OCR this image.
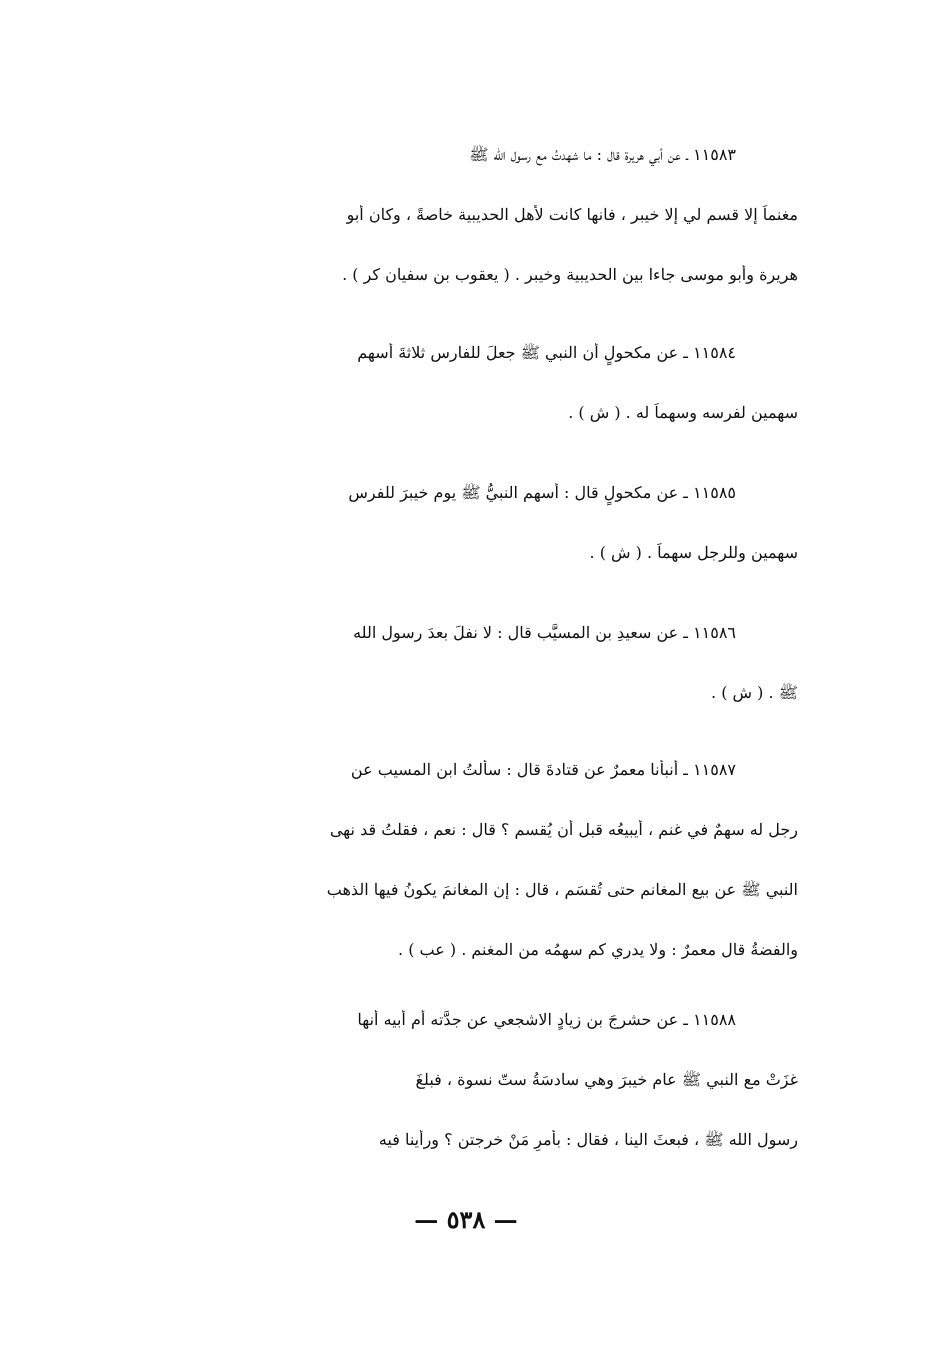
١١٥٨٣ ـ عن أبي هريرة قال : ما شهدتُ مع رسول الله ﷺ
مغنماً إلا قسم لي إلا خيبر ، فانها كانت لأهل الحديبية خاصةً ، وكان أبو
هريرة وأبو موسى جاءا بين الحديبية وخيبر . ( يعقوب بن سفيان كر ) .
١١٥٨٤ ـ عن مكحولٍ أن النبي ﷺ جعلَ للفارس ثلاثةَ أسهم
سهمين لفرسه وسهماً له . ( ش ) .
١١٥٨٥ ـ عن مكحولٍ قال : أسهم النبيُّ ﷺ يوم خيبرَ للفرس
سهمين وللرجل سهماً . ( ش ) .
١١٥٨٦ ـ عن سعيدِ بن المسيَّب قال : لا نفلَ بعدَ رسول الله
ﷺ . ( ش ) .
١١٥٨٧ ـ أنبأنا معمرٌ عن قتادةَ قال : سألتُ ابن المسيب عن
رجل له سهمٌ في غنم ، أيبيعُه قبل أن يُقسم ؟ قال : نعم ، فقلتُ قد نهى
النبي ﷺ عن بيع المغانم حتى تُقسَم ، قال : إن المغانمَ يكونُ فيها الذهب
والفضةُ قال معمرٌ : ولا يدري كم سهمُه من المغنم . ( عب ) .
١١٥٨٨ ـ عن حشرجَ بن زيادٍ الاشجعي عن جدَّته أم أبيه أنها
غزَتْ مع النبي ﷺ عام خيبرَ وهي سادسَةُ ستّ نسوة ، فبلغَ
رسول الله ﷺ ، فبعثَ الينا ، فقال : بأمرِ مَنْ خرجتن ؟ ورأينا فيه
— ٥٣٨ —
